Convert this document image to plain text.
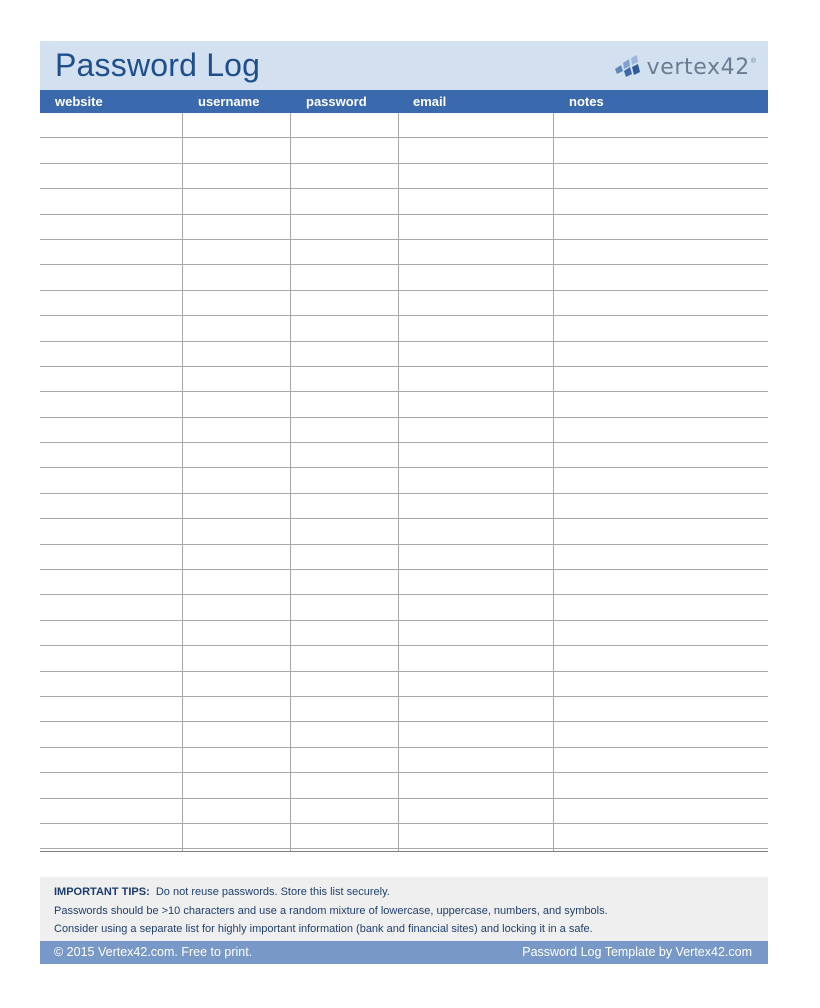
Password Log	vertex42 ®
website	username	password	email	notes
IMPORTANT TIPS: Do not reuse passwords. Store this list securely.
Passwords should be >10 characters and use a random mixture of lowercase, uppercase, numbers, and symbols.
Consider using a separate list for highly important information (bank and financial sites) and locking it in a safe.
© 2015 Vertex42.com. Free to print.	Password Log Template by Vertex42.com
